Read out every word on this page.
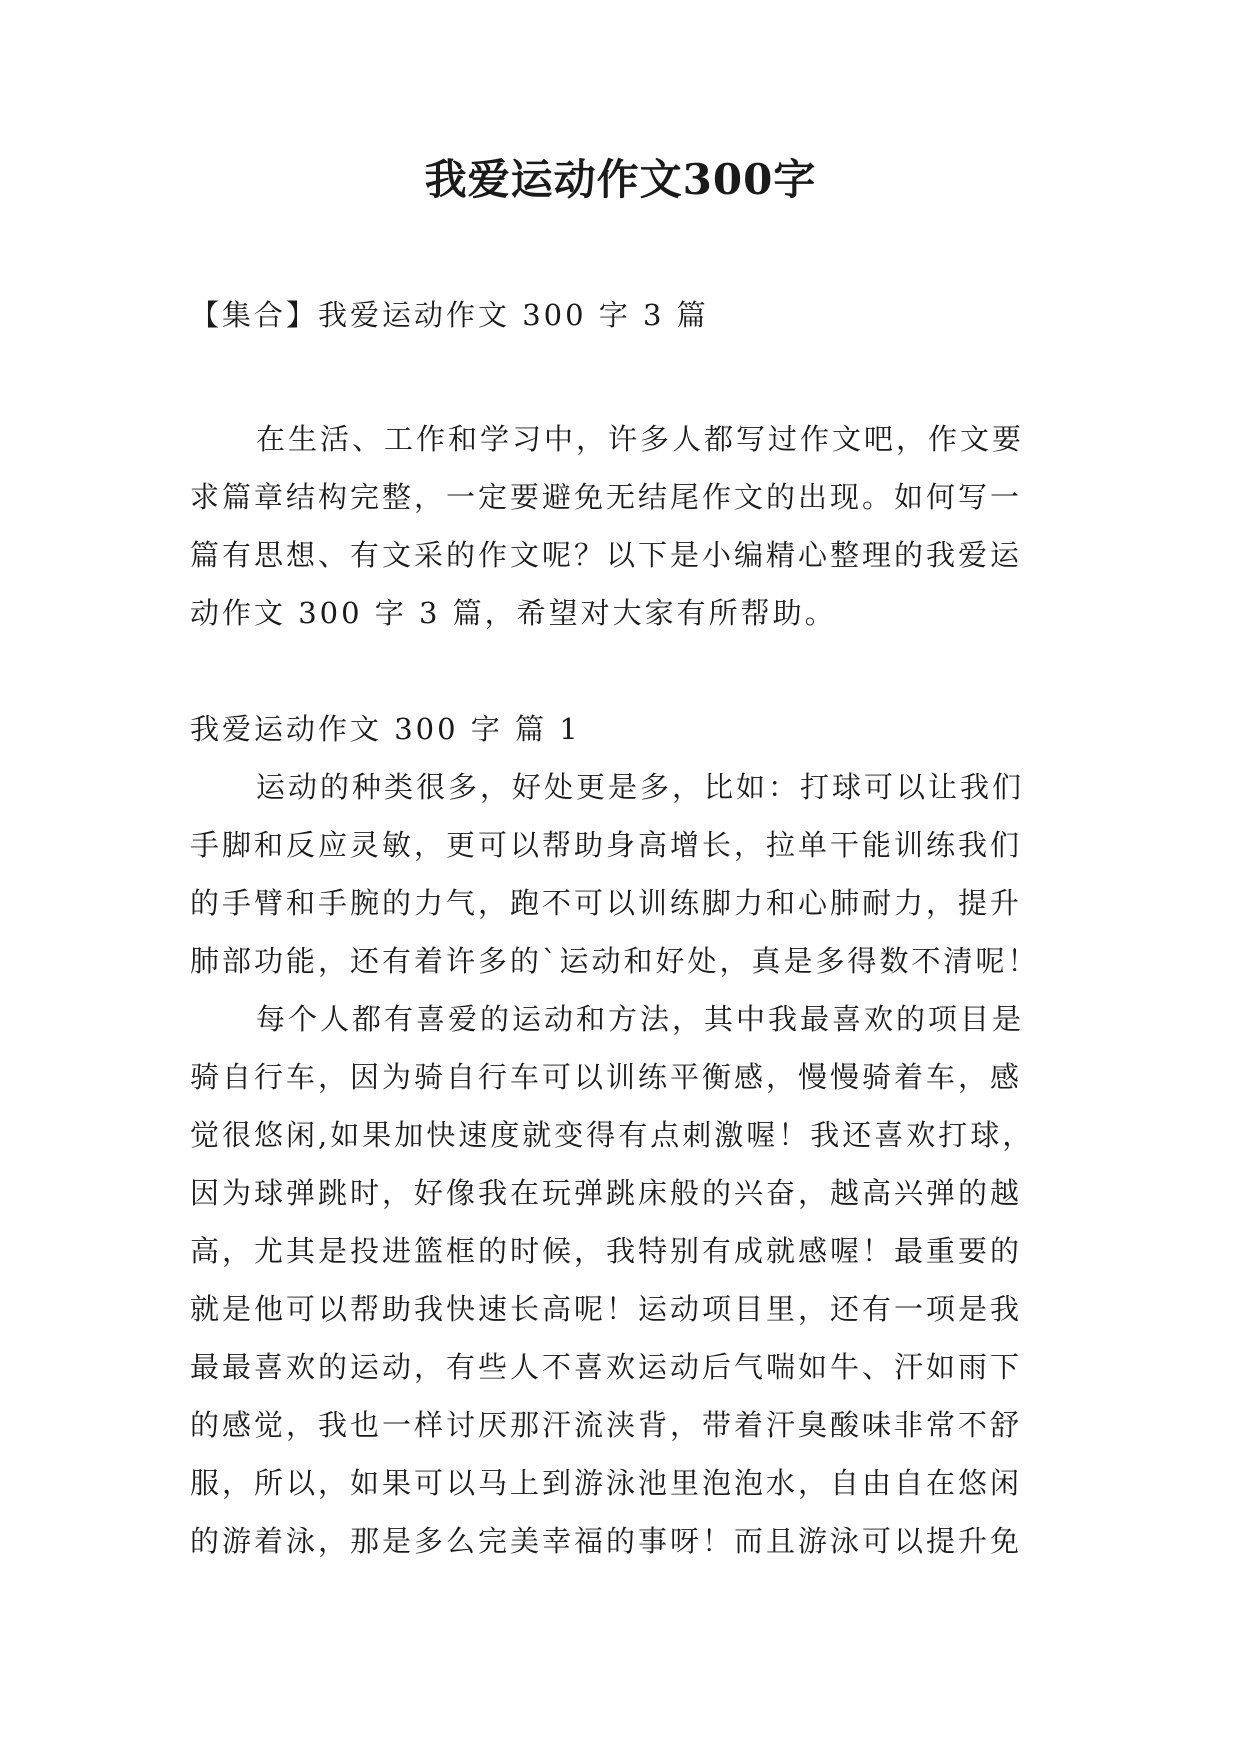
我爱运动作文300字
【集合】我爱运动作文 300 字 3 篇
在生活、工作和学习中，许多人都写过作文吧，作文要
求篇章结构完整，一定要避免无结尾作文的出现。如何写一
篇有思想、有文采的作文呢？以下是小编精心整理的我爱运
动作文 300 字 3 篇，希望对大家有所帮助。
我爱运动作文 300 字 篇 1
运动的种类很多，好处更是多，比如：打球可以让我们
手脚和反应灵敏，更可以帮助身高增长，拉单干能训练我们
的手臂和手腕的力气，跑不可以训练脚力和心肺耐力，提升
肺部功能，还有着许多的`运动和好处，真是多得数不清呢！
每个人都有喜爱的运动和方法，其中我最喜欢的项目是
骑自行车，因为骑自行车可以训练平衡感，慢慢骑着车，感
觉很悠闲,如果加快速度就变得有点刺激喔！我还喜欢打球，
因为球弹跳时，好像我在玩弹跳床般的兴奋，越高兴弹的越
高，尤其是投进篮框的时候，我特别有成就感喔！最重要的
就是他可以帮助我快速长高呢！运动项目里，还有一项是我
最最喜欢的运动，有些人不喜欢运动后气喘如牛、汗如雨下
的感觉，我也一样讨厌那汗流浃背，带着汗臭酸味非常不舒
服，所以，如果可以马上到游泳池里泡泡水，自由自在悠闲
的游着泳，那是多么完美幸福的事呀！而且游泳可以提升免
